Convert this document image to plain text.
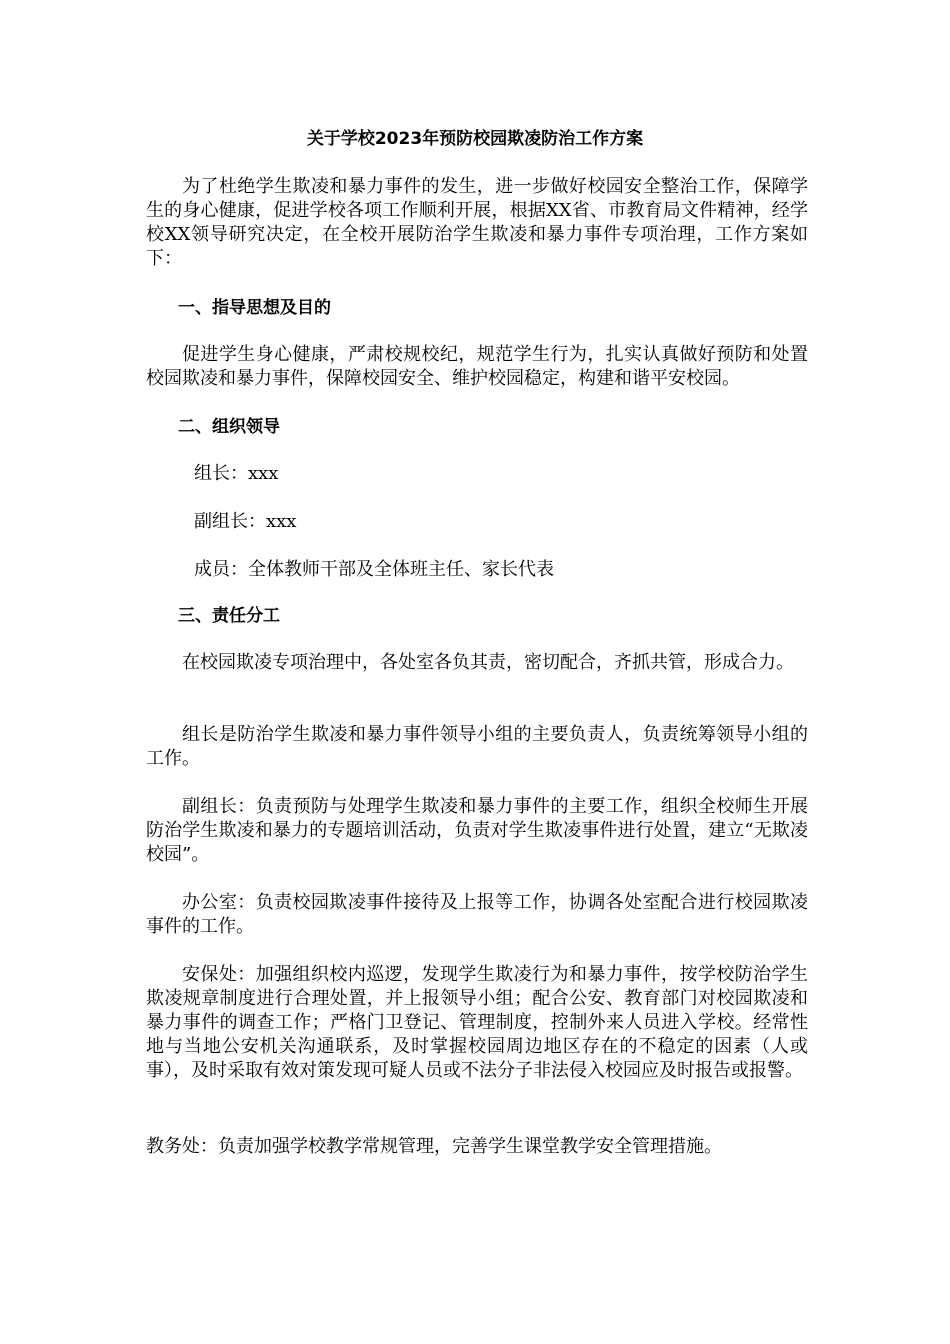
关于学校2023年预防校园欺凌防治工作方案

为了杜绝学生欺凌和暴力事件的发生，进一步做好校园安全整治工作，保障学生的身心健康，促进学校各项工作顺利开展，根据XX省、市教育局文件精神，经学校XX领导研究决定，在全校开展防治学生欺凌和暴力事件专项治理，工作方案如下：

一、指导思想及目的

促进学生身心健康，严肃校规校纪，规范学生行为，扎实认真做好预防和处置校园欺凌和暴力事件，保障校园安全、维护校园稳定，构建和谐平安校园。

二、组织领导
组长：xxx
副组长：xxx
成员：全体教师干部及全体班主任、家长代表
三、责任分工

在校园欺凌专项治理中，各处室各负其责，密切配合，齐抓共管，形成合力。

组长是防治学生欺凌和暴力事件领导小组的主要负责人，负责统筹领导小组的工作。

副组长：负责预防与处理学生欺凌和暴力事件的主要工作，组织全校师生开展防治学生欺凌和暴力的专题培训活动，负责对学生欺凌事件进行处置，建立“无欺凌校园”。

办公室：负责校园欺凌事件接待及上报等工作，协调各处室配合进行校园欺凌事件的工作。

安保处：加强组织校内巡逻，发现学生欺凌行为和暴力事件，按学校防治学生欺凌规章制度进行合理处置，并上报领导小组；配合公安、教育部门对校园欺凌和暴力事件的调查工作；严格门卫登记、管理制度，控制外来人员进入学校。经常性地与当地公安机关沟通联系，及时掌握校园周边地区存在的不稳定的因素（人或事），及时采取有效对策发现可疑人员或不法分子非法侵入校园应及时报告或报警。

教务处：负责加强学校教学常规管理，完善学生课堂教学安全管理措施。
